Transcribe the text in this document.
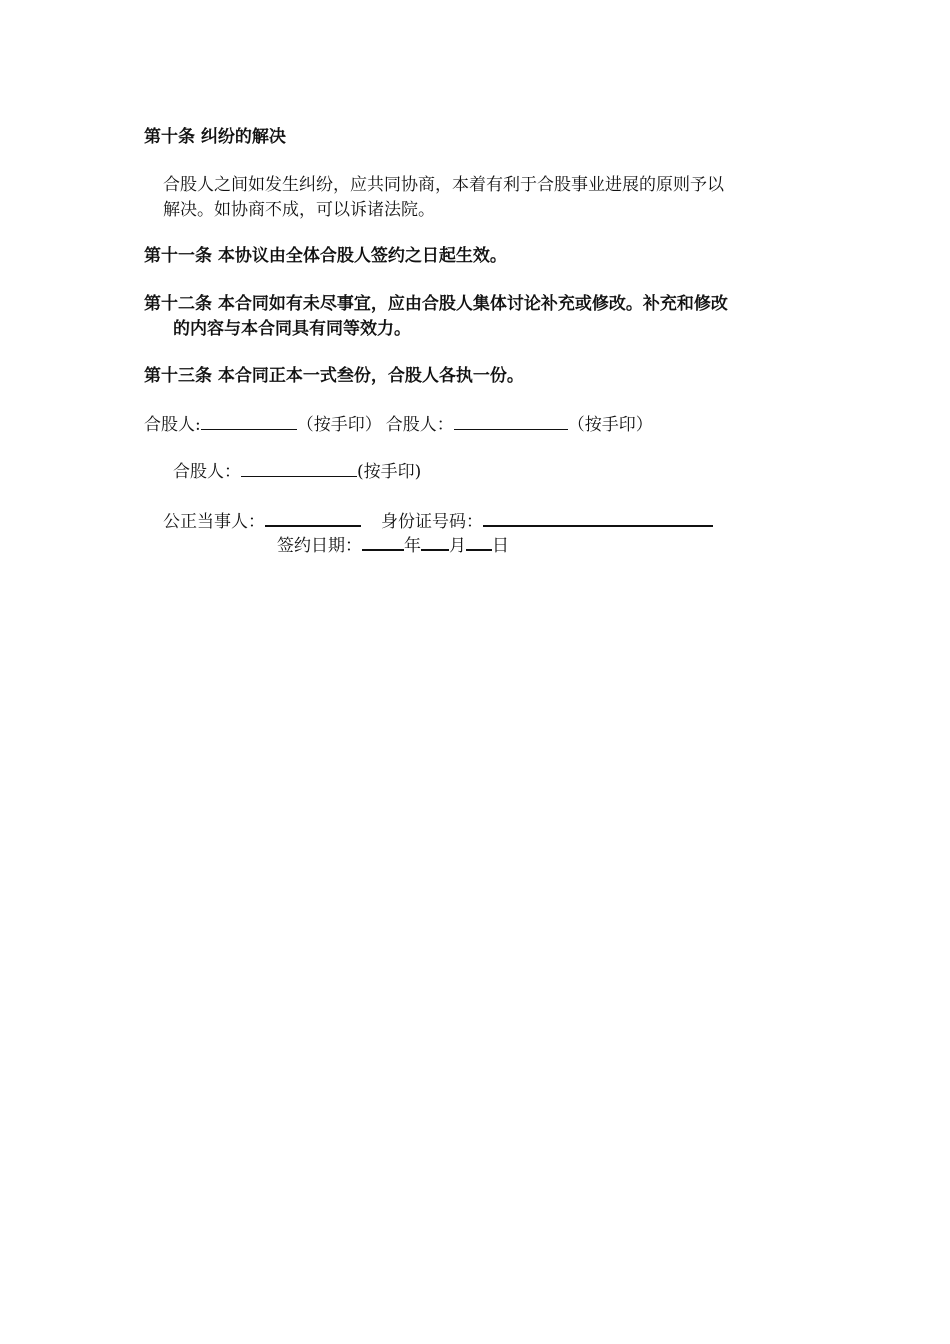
第十条 纠纷的解决
合股人之间如发生纠纷，应共同协商，本着有利于合股事业进展的原则予以
解决。如协商不成，可以诉诸法院。
第十一条 本协议由全体合股人签约之日起生效。
第十二条 本合同如有未尽事宜，应由合股人集体讨论补充或修改。补充和修改
的内容与本合同具有同等效力。
第十三条 本合同正本一式叁份，合股人各执一份。
合股人:	（按手印） 合股人：	（按手印）
合股人：	(按手印)
公正当事人：	身份证号码：
签约日期： 年 月 日
